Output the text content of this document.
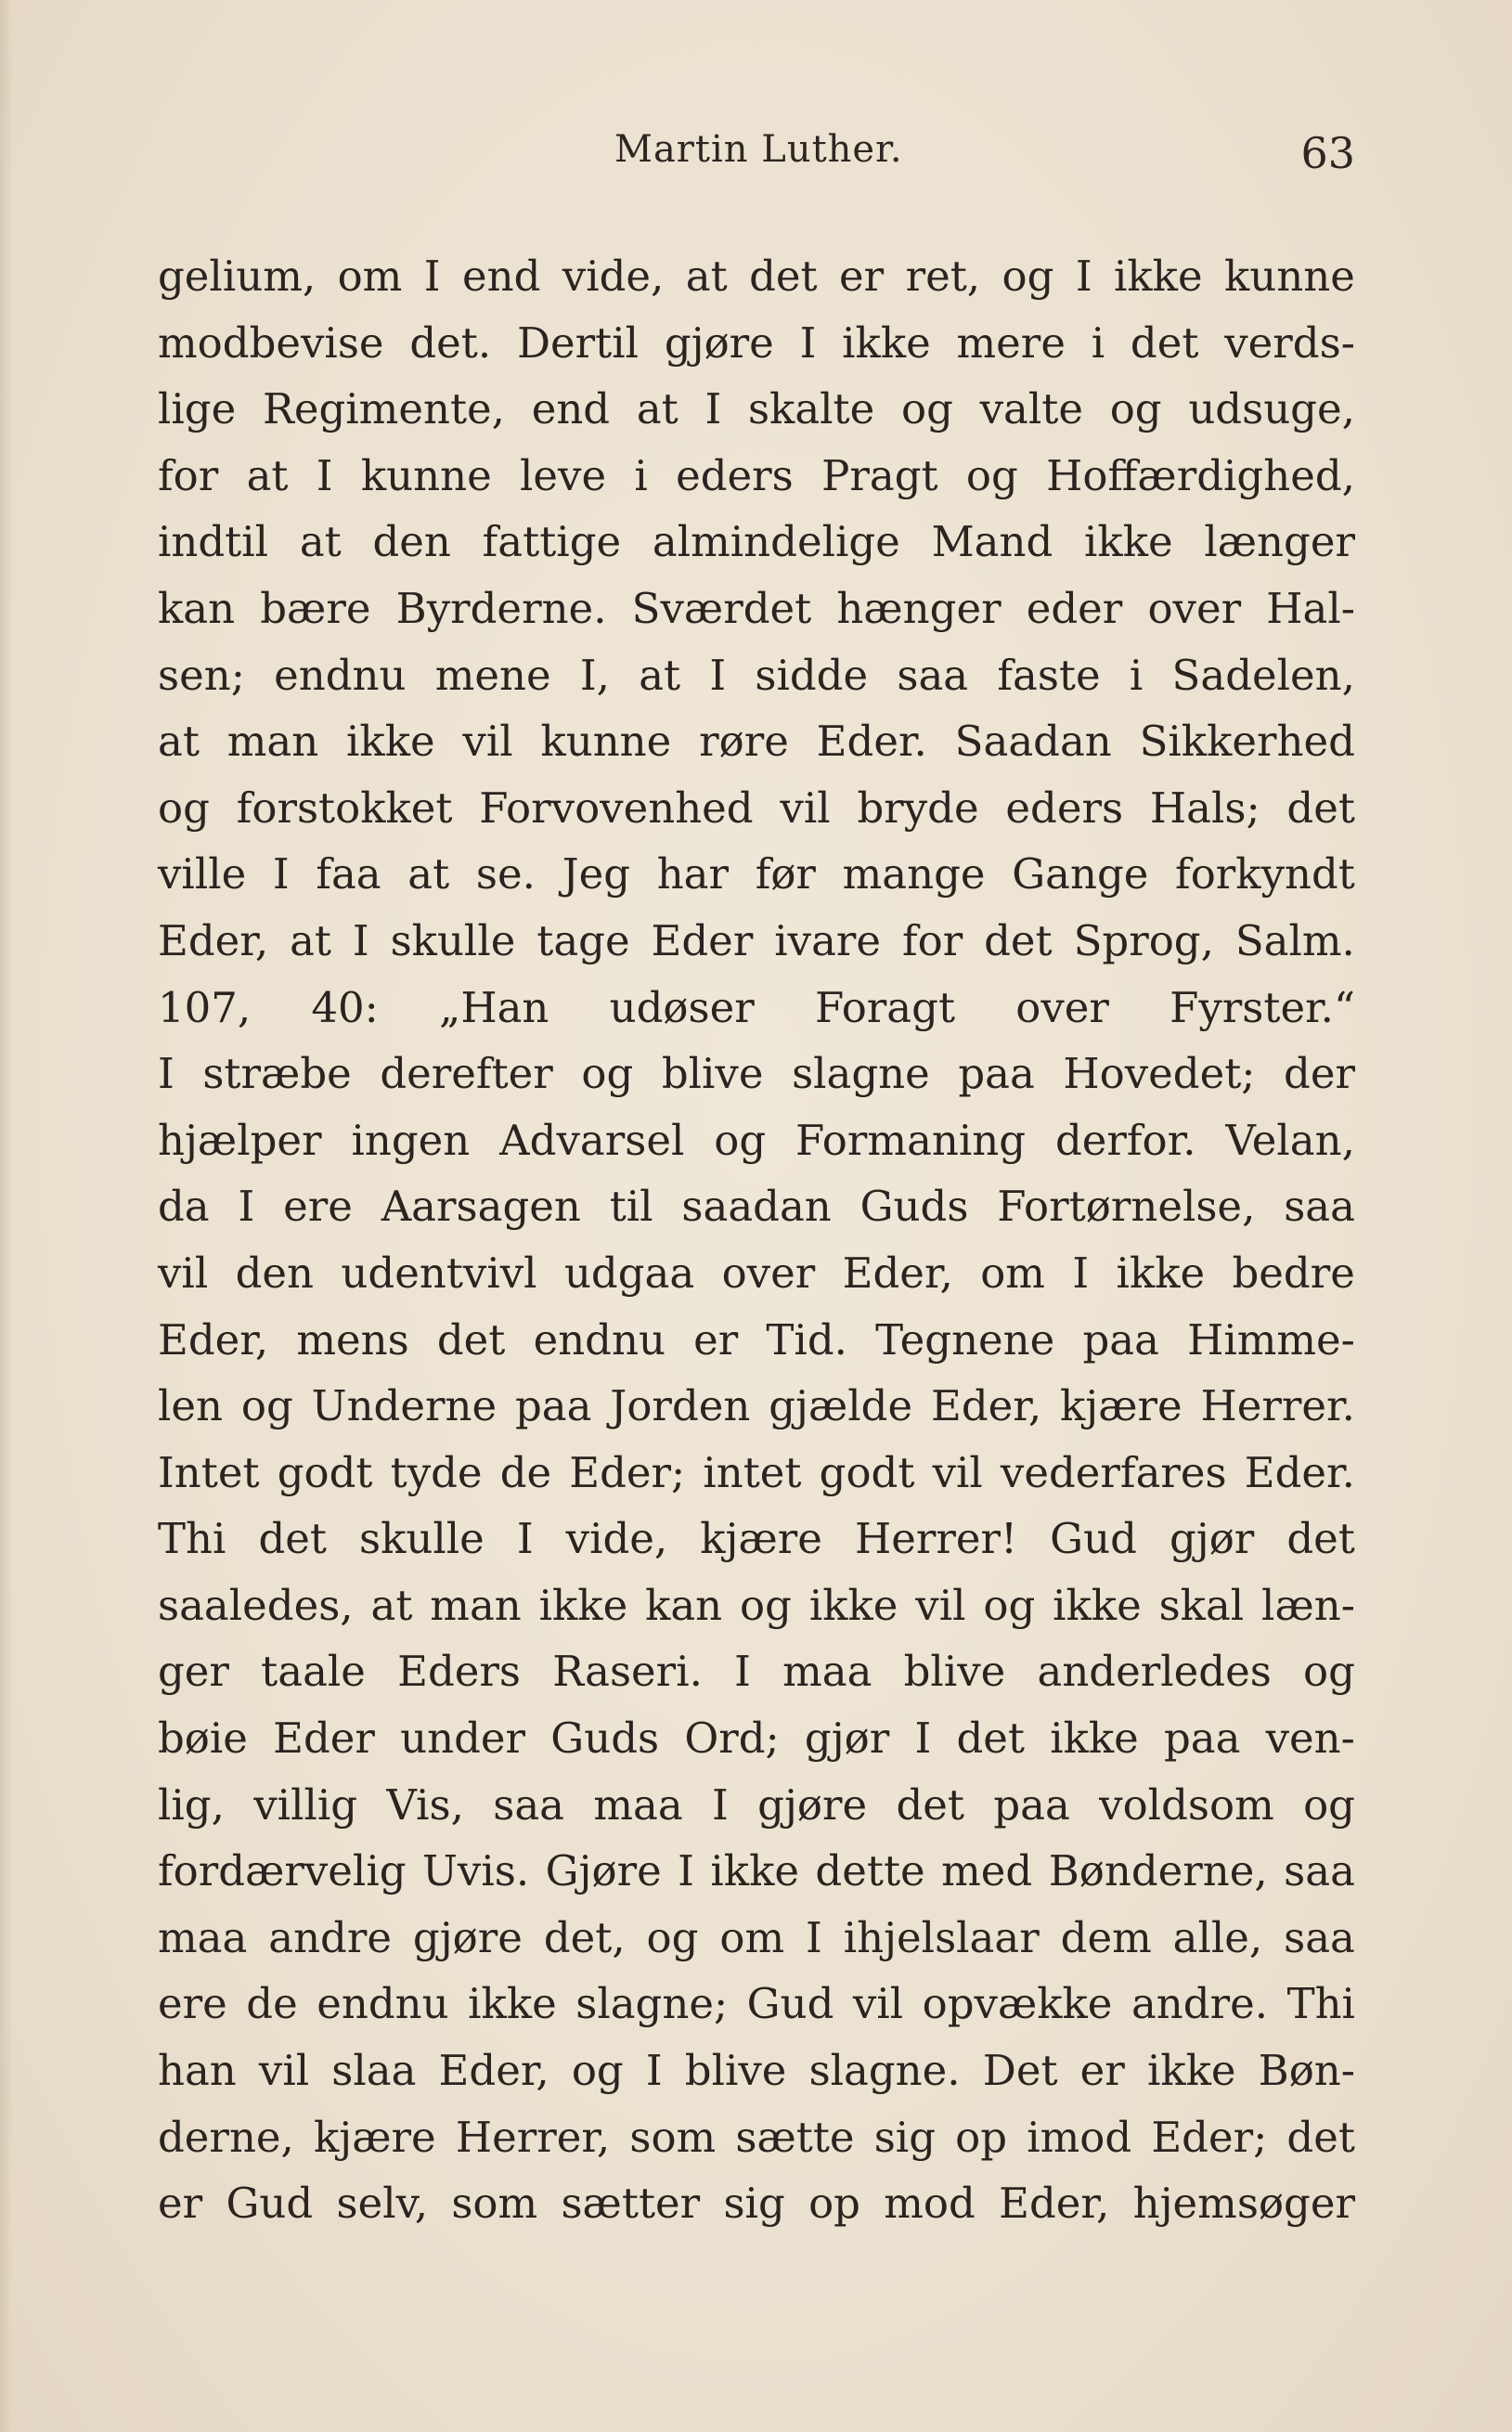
Martin Luther.	63
gelium, om I end vide, at det er ret, og I ikke kunne
modbevise det. Dertil gjøre I ikke mere i det verds-
lige Regimente, end at I skalte og valte og udsuge,
for at I kunne leve i eders Pragt og Hoffærdighed,
indtil at den fattige almindelige Mand ikke længer
kan bære Byrderne. Sværdet hænger eder over Hal-
sen; endnu mene I, at I sidde saa faste i Sadelen,
at man ikke vil kunne røre Eder. Saadan Sikkerhed
og forstokket Forvovenhed vil bryde eders Hals; det
ville I faa at se. Jeg har før mange Gange forkyndt
Eder, at I skulle tage Eder ivare for det Sprog, Salm.
107, 40: „Han udøser Foragt over Fyrster.“
I stræbe derefter og blive slagne paa Hovedet; der
hjælper ingen Advarsel og Formaning derfor. Velan,
da I ere Aarsagen til saadan Guds Fortørnelse, saa
vil den udentvivl udgaa over Eder, om I ikke bedre
Eder, mens det endnu er Tid. Tegnene paa Himme-
len og Underne paa Jorden gjælde Eder, kjære Herrer.
Intet godt tyde de Eder; intet godt vil vederfares Eder.
Thi det skulle I vide, kjære Herrer! Gud gjør det
saaledes, at man ikke kan og ikke vil og ikke skal læn-
ger taale Eders Raseri. I maa blive anderledes og
bøie Eder under Guds Ord; gjør I det ikke paa ven-
lig, villig Vis, saa maa I gjøre det paa voldsom og
fordærvelig Uvis. Gjøre I ikke dette med Bønderne, saa
maa andre gjøre det, og om I ihjelslaar dem alle, saa
ere de endnu ikke slagne; Gud vil opvække andre. Thi
han vil slaa Eder, og I blive slagne. Det er ikke Bøn-
derne, kjære Herrer, som sætte sig op imod Eder; det
er Gud selv, som sætter sig op mod Eder, hjemsøger
